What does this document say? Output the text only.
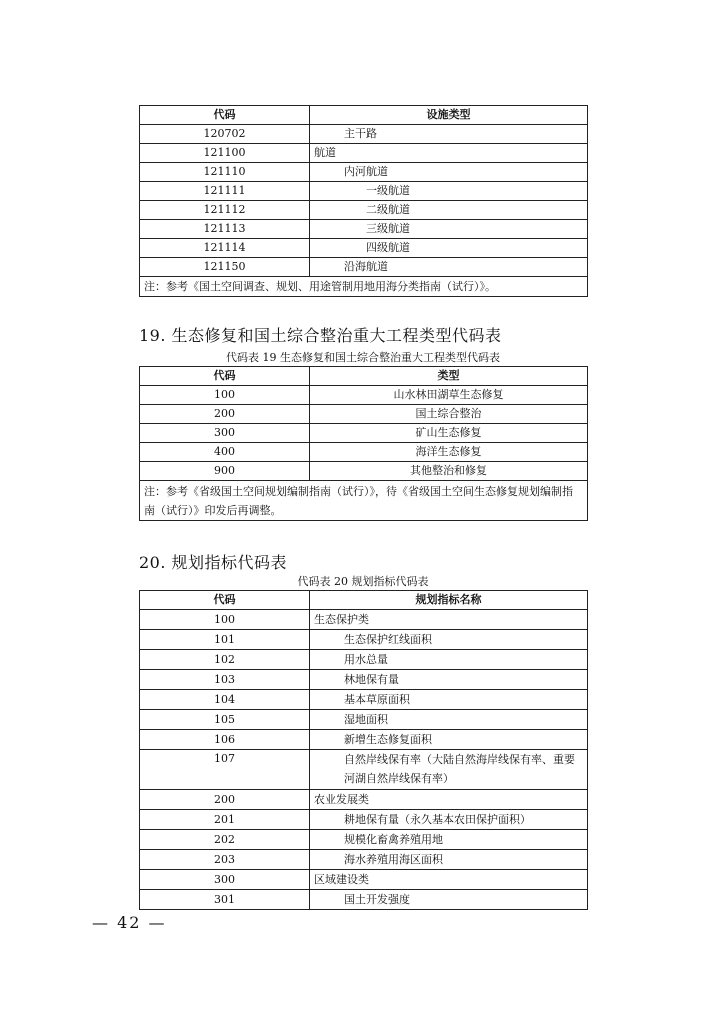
代码	设施类型
120702	主干路
121100	航道
121110	内河航道
121111	一级航道
121112	二级航道
121113	三级航道
121114	四级航道
121150	沿海航道
注：参考《国土空间调查、规划、用途管制用地用海分类指南（试行）》。	
19. 生态修复和国土综合整治重大工程类型代码表
代码表 19 生态修复和国土综合整治重大工程类型代码表
代码	类型
100	山水林田湖草生态修复
200	国土综合整治
300	矿山生态修复
400	海洋生态修复
900	其他整治和修复
注：参考《省级国土空间规划编制指南（试行）》，待《省级国土空间生态修复规划编制指南（试行）》印发后再调整。	
20. 规划指标代码表
代码表 20 规划指标代码表
代码	规划指标名称
100	生态保护类
101	生态保护红线面积
102	用水总量
103	林地保有量
104	基本草原面积
105	湿地面积
106	新增生态修复面积
107	自然岸线保有率（大陆自然海岸线保有率、重要河湖自然岸线保有率）
200	农业发展类
201	耕地保有量（永久基本农田保护面积）
202	规模化畜禽养殖用地
203	海水养殖用海区面积
300	区域建设类
301	国土开发强度
— 42 —
